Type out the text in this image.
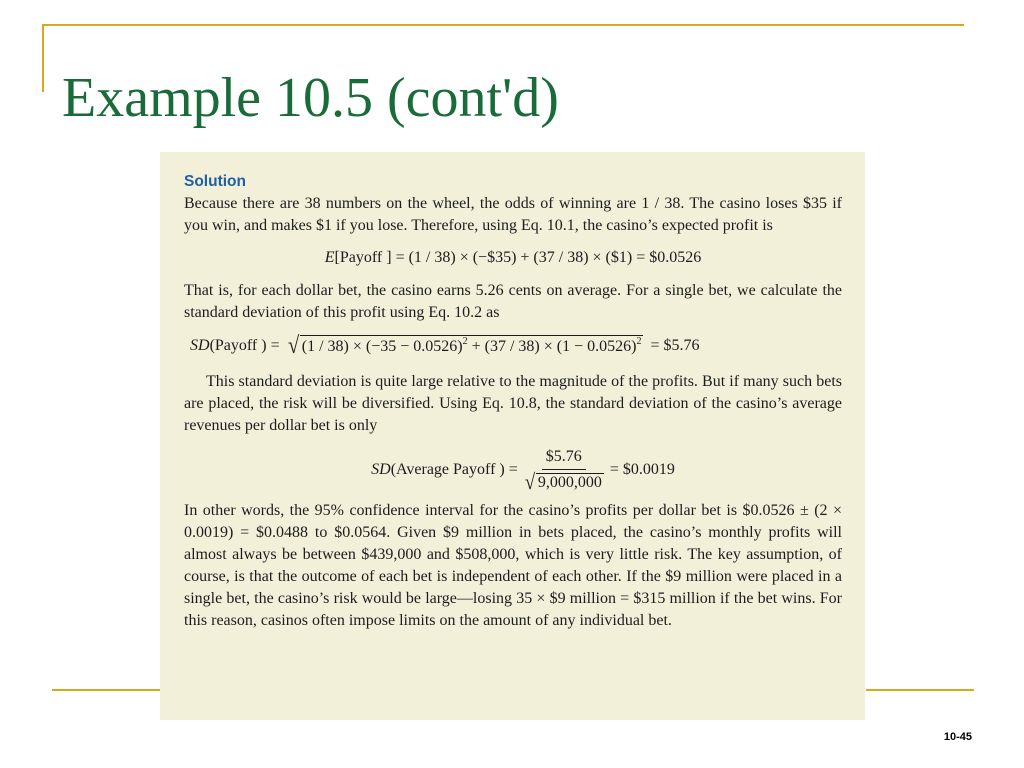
Example 10.5 (cont'd)
Solution

Because there are 38 numbers on the wheel, the odds of winning are 1 / 38. The casino loses $35 if you win, and makes $1 if you lose. Therefore, using Eq. 10.1, the casino’s expected profit is

E[Payoff ] = (1 / 38) × (−$35) + (37 / 38) × ($1) = $0.0526

That is, for each dollar bet, the casino earns 5.26 cents on average. For a single bet, we calculate the standard deviation of this profit using Eq. 10.2 as

SD (Payoff ) = √ $(1 / 38) \times (-35 - 0.0526)^2 + (37 / 38) \times (1 - 0.0526)^2$ = $5.76

This standard deviation is quite large relative to the magnitude of the profits. But if many such bets are placed, the risk will be diversified. Using Eq. 10.8, the standard deviation of the casino’s average revenues per dollar bet is only

SD (Average Payoff ) = $\frac{\$5.76}{√ 9,000,000}$ = $0.0019

In other words, the 95% confidence interval for the casino’s profits per dollar bet is $0.0526 ± (2 × 0.0019) = $0.0488 to $0.0564. Given $9 million in bets placed, the casino’s monthly profits will almost always be between $439,000 and $508,000, which is very little risk. The key assumption, of course, is that the outcome of each bet is independent of each other. If the $9 million were placed in a single bet, the casino’s risk would be large—losing 35 × $9 million = $315 million if the bet wins. For this reason, casinos often impose limits on the amount of any individual bet.

10-45
